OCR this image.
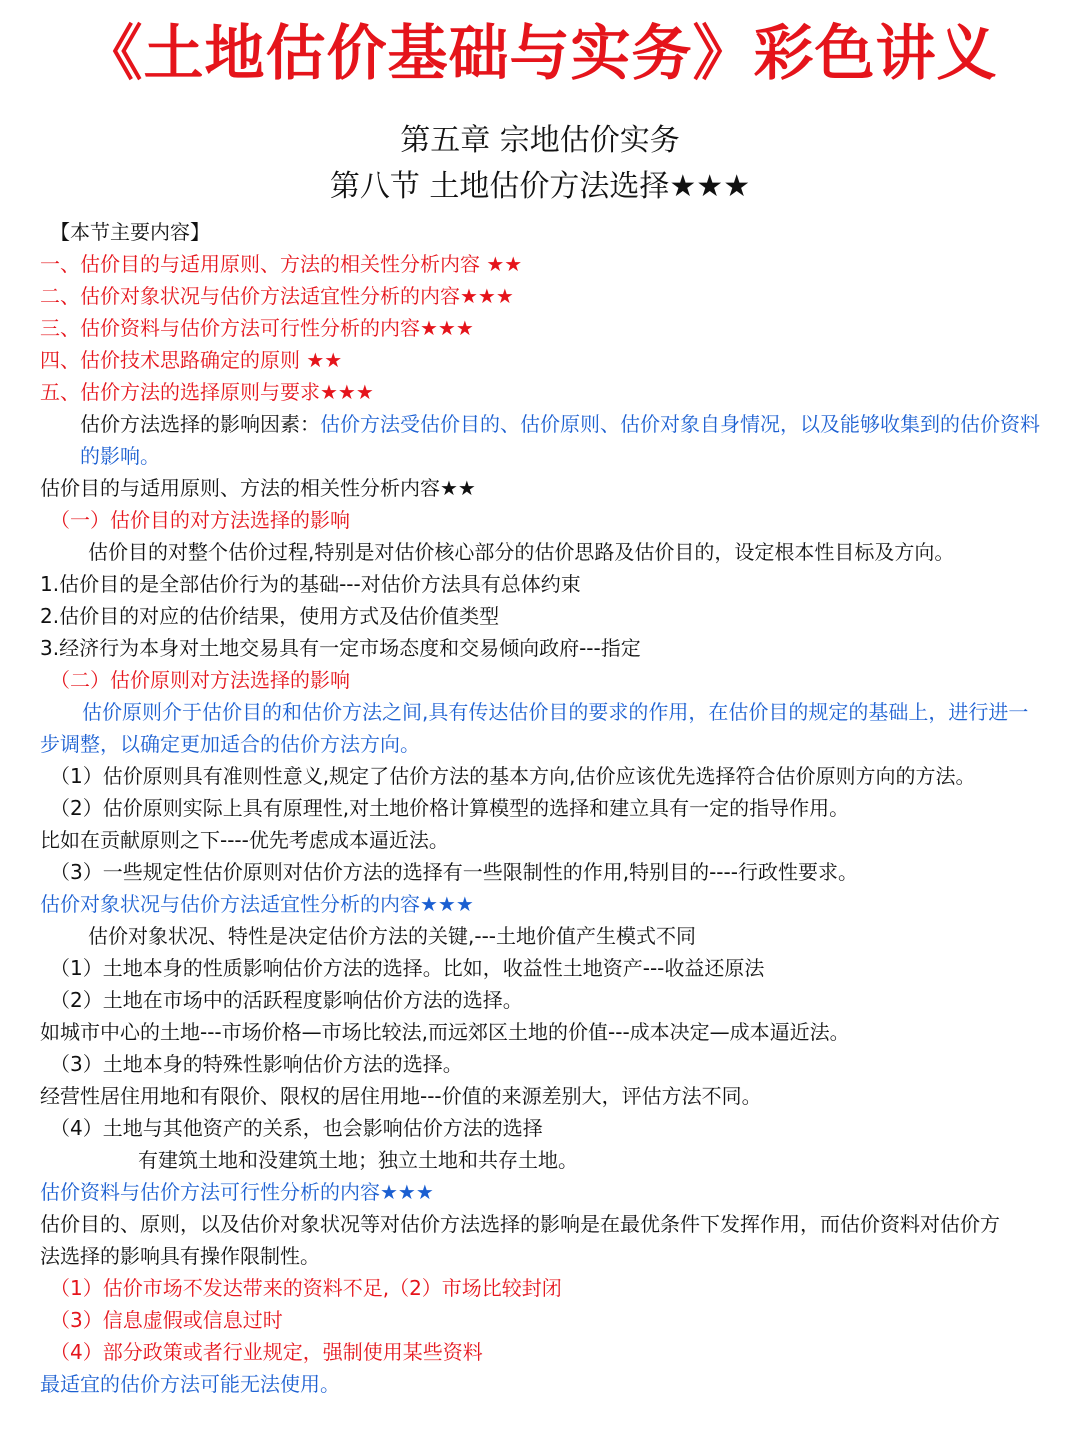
《土地估价基础与实务》彩色讲义
第五章 宗地估价实务
第八节 土地估价方法选择★★★
【本节主要内容】
一、估价目的与适用原则、方法的相关性分析内容 ★★
二、估价对象状况与估价方法适宜性分析的内容★★★
三、估价资料与估价方法可行性分析的内容★★★
四、估价技术思路确定的原则 ★★
五、估价方法的选择原则与要求★★★
估价方法选择的影响因素：估价方法受估价目的、估价原则、估价对象自身情况，以及能够收集到的估价资料的影响。
估价目的与适用原则、方法的相关性分析内容★★
（一）估价目的对方法选择的影响
估价目的对整个估价过程,特别是对估价核心部分的估价思路及估价目的，设定根本性目标及方向。
1.估价目的是全部估价行为的基础---对估价方法具有总体约束
2.估价目的对应的估价结果，使用方式及估价值类型
3.经济行为本身对土地交易具有一定市场态度和交易倾向政府---指定
（二）估价原则对方法选择的影响
估价原则介于估价目的和估价方法之间,具有传达估价目的要求的作用，在估价目的规定的基础上，进行进一步调整，以确定更加适合的估价方法方向。
（1）估价原则具有准则性意义,规定了估价方法的基本方向,估价应该优先选择符合估价原则方向的方法。
（2）估价原则实际上具有原理性,对土地价格计算模型的选择和建立具有一定的指导作用。
比如在贡献原则之下----优先考虑成本逼近法。
（3）一些规定性估价原则对估价方法的选择有一些限制性的作用,特别目的----行政性要求。
估价对象状况与估价方法适宜性分析的内容★★★
估价对象状况、特性是决定估价方法的关键,---土地价值产生模式不同
（1）土地本身的性质影响估价方法的选择。比如，收益性土地资产---收益还原法
（2）土地在市场中的活跃程度影响估价方法的选择。
如城市中心的土地---市场价格—市场比较法,而远郊区土地的价值---成本决定—成本逼近法。
（3）土地本身的特殊性影响估价方法的选择。
经营性居住用地和有限价、限权的居住用地---价值的来源差别大，评估方法不同。
（4）土地与其他资产的关系，也会影响估价方法的选择
有建筑土地和没建筑土地；独立土地和共存土地。
估价资料与估价方法可行性分析的内容★★★
估价目的、原则，以及估价对象状况等对估价方法选择的影响是在最优条件下发挥作用，而估价资料对估价方法选择的影响具有操作限制性。
（1）估价市场不发达带来的资料不足,（2）市场比较封闭
（3）信息虚假或信息过时
（4）部分政策或者行业规定，强制使用某些资料
最适宜的估价方法可能无法使用。
